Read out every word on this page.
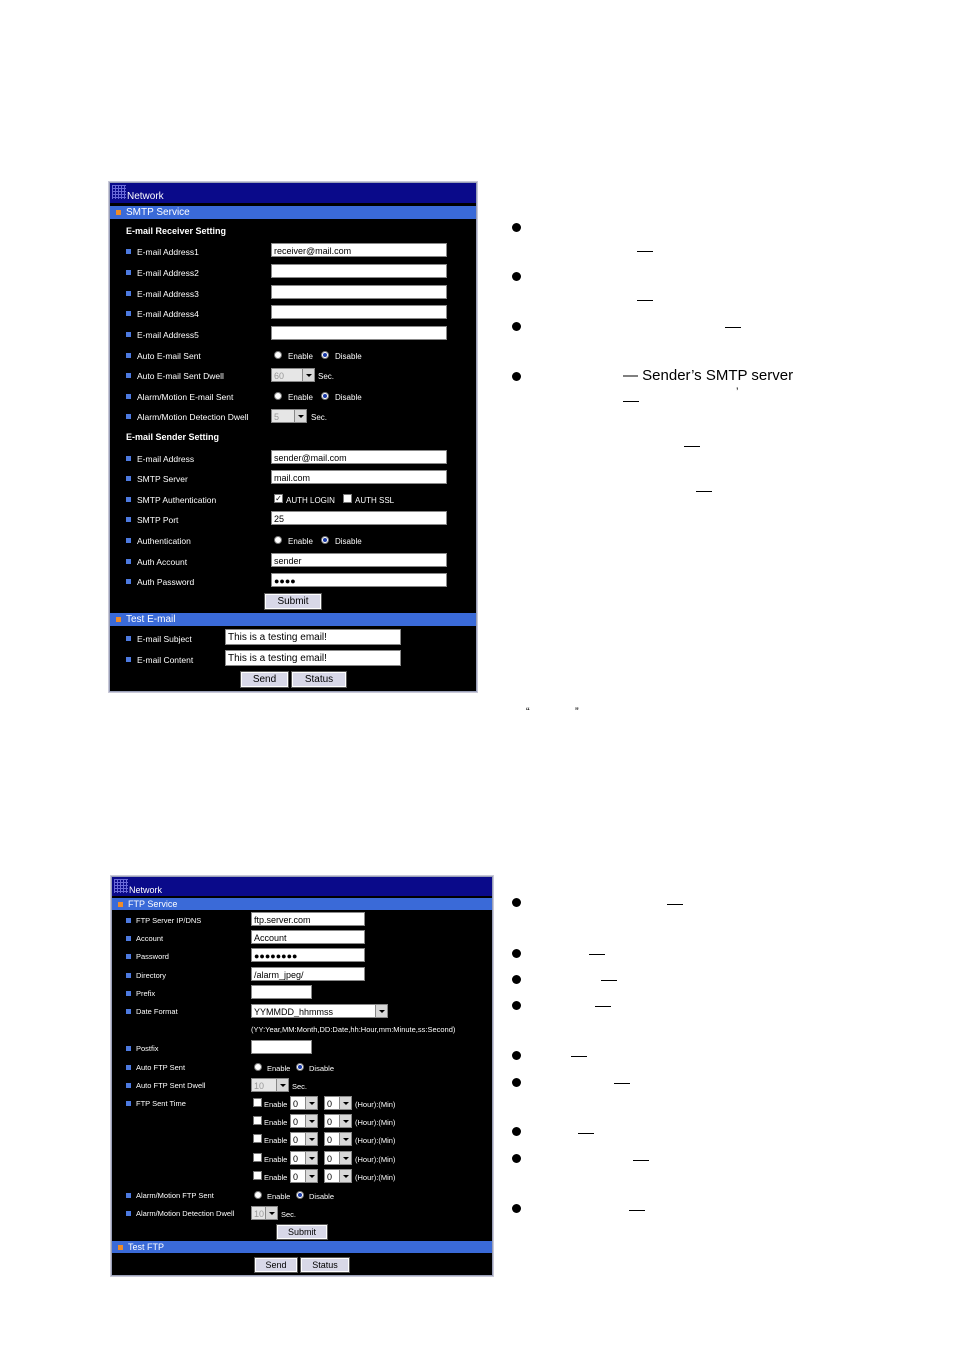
Network
SMTP Service
E-mail Receiver Setting
E-mail Address1	receiver@mail.com
E-mail Address2
E-mail Address3
E-mail Address4
E-mail Address5
Auto E-mail Sent	Enable	Disable
Auto E-mail Sent Dwell	60	Sec.
Alarm/Motion E-mail Sent	Enable	Disable
Alarm/Motion Detection Dwell	5	Sec.
E-mail Sender Setting
E-mail Address	sender@mail.com
SMTP Server	mail.com
SMTP Authentication	✓ AUTH LOGIN	AUTH SSL
SMTP Port	25
Authentication	Enable	Disable
Auth Account	sender
Auth Password	●●●●
Submit
Test E-mail
E-mail Subject	This is a testing email!
E-mail Content	This is a testing email!
Send	Status
— Sender’s SMTP server
’
“	”
Network
FTP Service
FTP Server IP/DNS	ftp.server.com
Account	Account
Password	●●●●●●●●
Directory	/alarm_jpeg/
Prefix
Date Format	YYMMDD_hhmmss
(YY:Year,MM:Month,DD:Date,hh:Hour,mm:Minute,ss:Second)
Postfix
Auto FTP Sent	Enable Disable
Auto FTP Sent Dwell	10	Sec.
FTP Sent Time	Enable 0	0	(Hour):(Min)
Enable 0	0	(Hour):(Min)
Enable 0	0	(Hour):(Min)
Enable 0	0	(Hour):(Min)
Enable 0	0	(Hour):(Min)
Alarm/Motion FTP Sent	Enable Disable
Alarm/Motion Detection Dwell	10	Sec.
Submit
Test FTP
Send	Status
